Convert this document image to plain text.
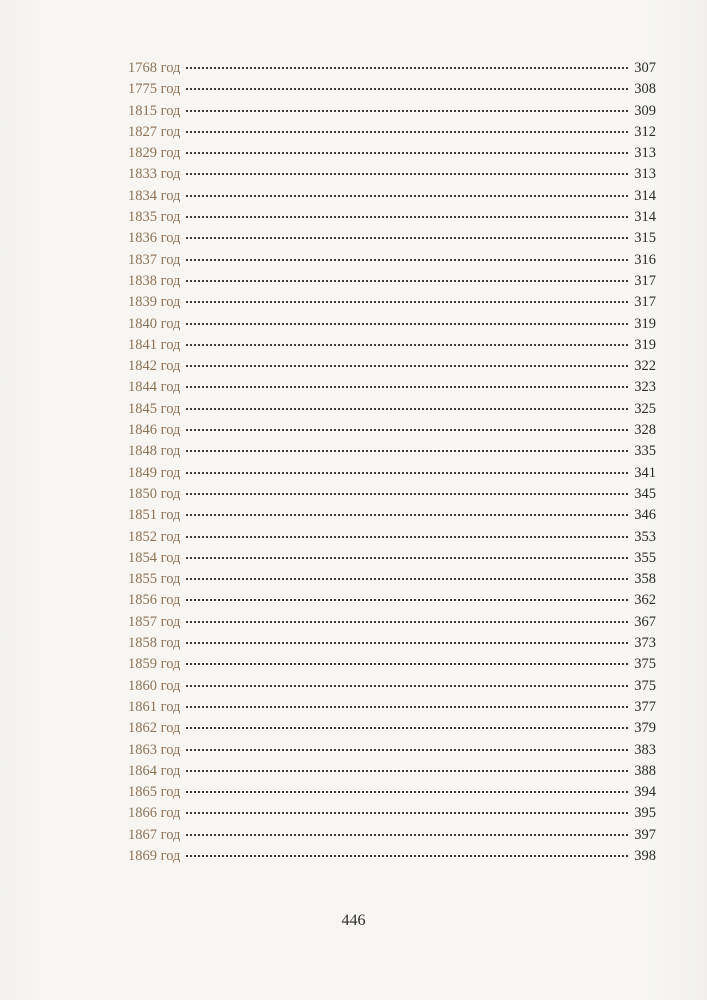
1768 год	307
1775 год	308
1815 год	309
1827 год	312
1829 год	313
1833 год	313
1834 год	314
1835 год	314
1836 год	315
1837 год	316
1838 год	317
1839 год	317
1840 год	319
1841 год	319
1842 год	322
1844 год	323
1845 год	325
1846 год	328
1848 год	335
1849 год	341
1850 год	345
1851 год	346
1852 год	353
1854 год	355
1855 год	358
1856 год	362
1857 год	367
1858 год	373
1859 год	375
1860 год	375
1861 год	377
1862 год	379
1863 год	383
1864 год	388
1865 год	394
1866 год	395
1867 год	397
1869 год	398
446
